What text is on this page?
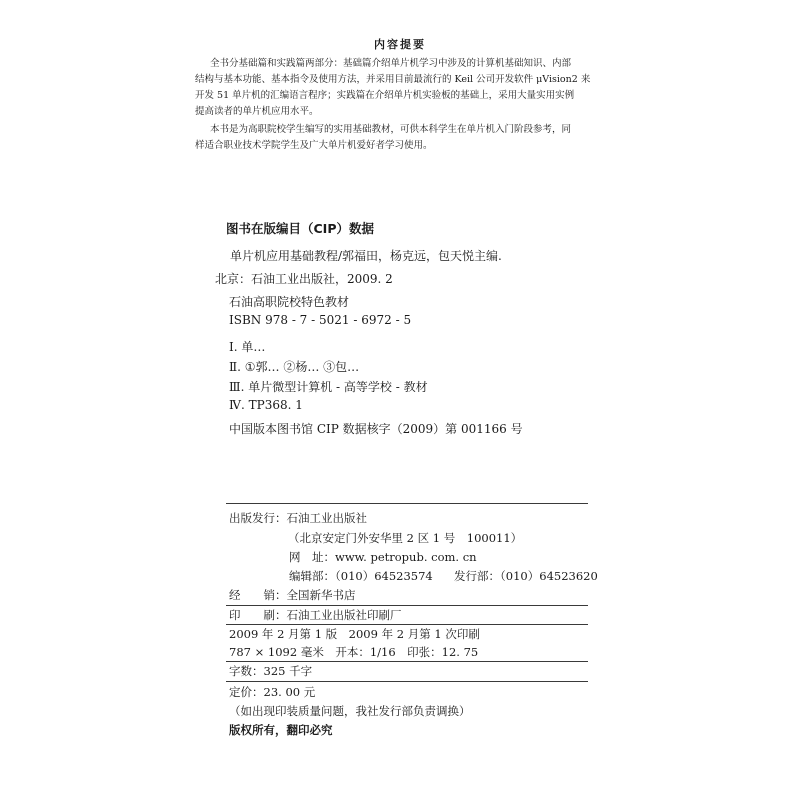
内容提要
全书分基础篇和实践篇两部分：基础篇介绍单片机学习中涉及的计算机基础知识、内部
结构与基本功能、基本指令及使用方法，并采用目前最流行的 Keil 公司开发软件 μVision2 来
开发 51 单片机的汇编语言程序；实践篇在介绍单片机实验板的基础上，采用大量实用实例
提高读者的单片机应用水平。
本书是为高职院校学生编写的实用基础教材，可供本科学生在单片机入门阶段参考，同
样适合职业技术学院学生及广大单片机爱好者学习使用。
图书在版编目（CIP）数据
单片机应用基础教程/郭福田，杨克远，包天悦主编.
北京：石油工业出版社，2009. 2
石油高职院校特色教材
ISBN 978 - 7 - 5021 - 6972 - 5
Ⅰ. 单…
Ⅱ. ①郭… ②杨… ③包…
Ⅲ. 单片微型计算机 - 高等学校 - 教材
Ⅳ. TP368. 1
中国版本图书馆 CIP 数据核字（2009）第 001166 号
出版发行：石油工业出版社
（北京安定门外安华里 2 区 1 号　100011）
网　址：www. petropub. com. cn
编辑部：（010）64523574 发行部：（010）64523620
经　　销：全国新华书店
印　　刷：石油工业出版社印刷厂
2009 年 2 月第 1 版　2009 年 2 月第 1 次印刷
787 × 1092 毫米　开本：1/16　印张：12. 75
字数：325 千字
定价：23. 00 元
（如出现印装质量问题，我社发行部负责调换）
版权所有，翻印必究
